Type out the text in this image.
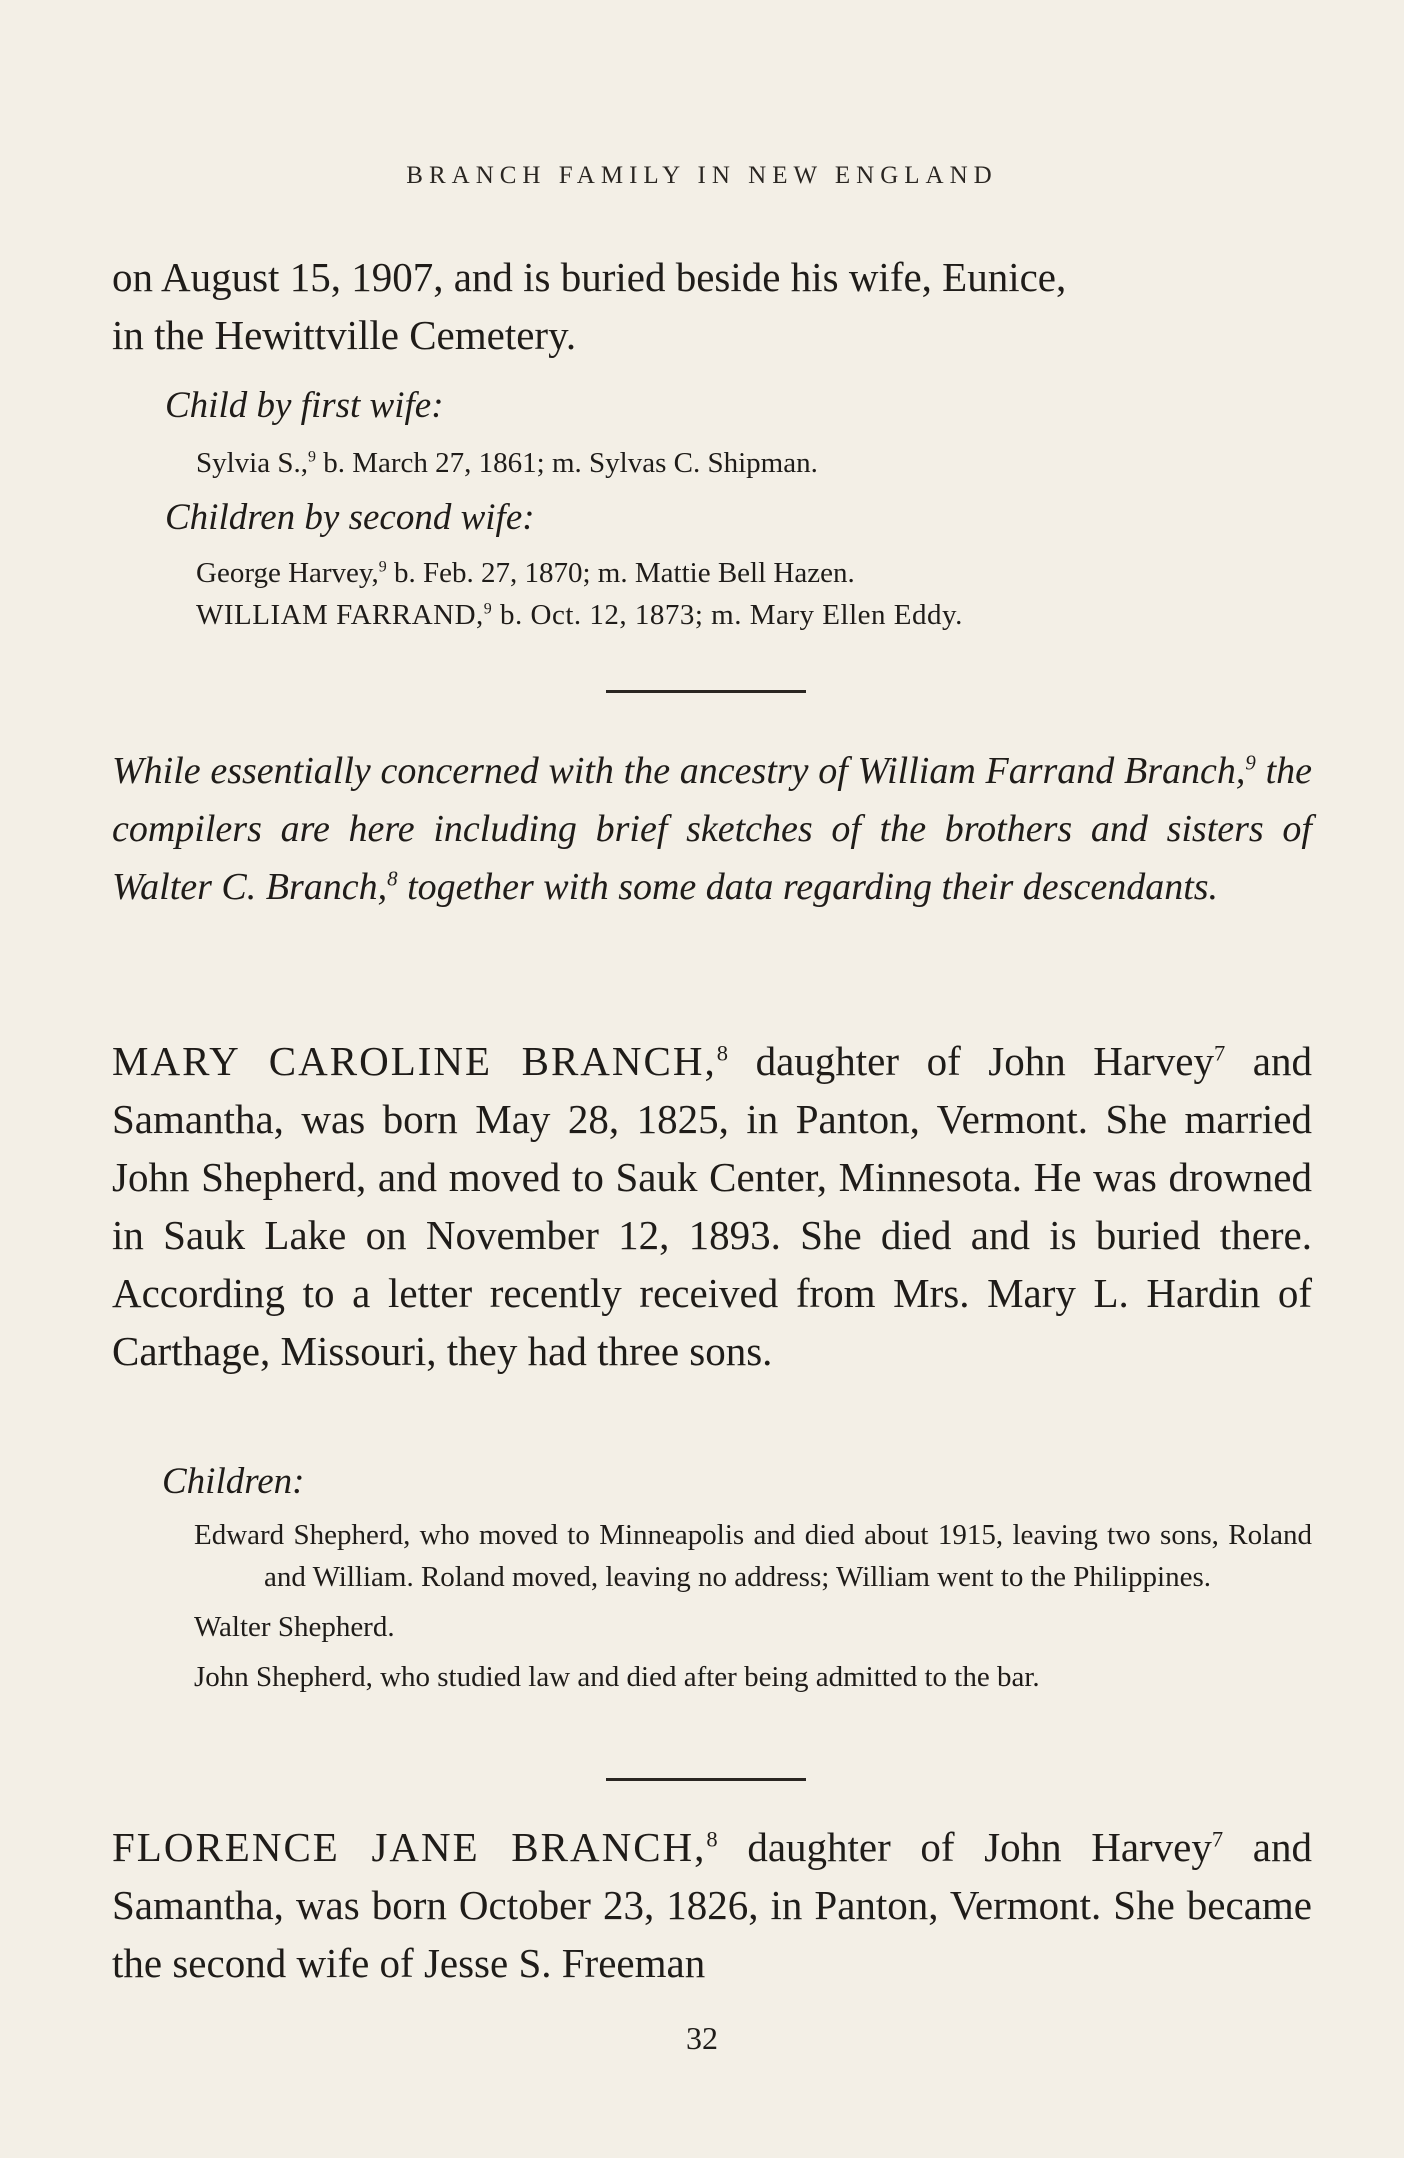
BRANCH FAMILY IN NEW ENGLAND

on August 15, 1907, and is buried beside his wife, Eunice,

in the Hewittville Cemetery.

Child by first wife:
Sylvia S.,$^9$ b. March 27, 1861; m. Sylvas C. Shipman.
Children by second wife:
George Harvey,$^9$ b. Feb. 27, 1870; m. Mattie Bell Hazen.
WILLIAM FARRAND,$^9$ b. Oct. 12, 1873; m. Mary Ellen Eddy.

While essentially concerned with the ancestry of William Farrand Branch,$^9$ the compilers are here including brief sketches of the brothers and sisters of Walter C. Branch,$^8$ together with some data regarding their descendants.

MARY CAROLINE BRANCH,$^8$ daughter of John Harvey$^7$ and Samantha, was born May 28, 1825, in Panton, Vermont. She married John Shepherd, and moved to Sauk Center, Minnesota. He was drowned in Sauk Lake on November 12, 1893. She died and is buried there. According to a letter recently received from Mrs. Mary L. Hardin of Carthage, Missouri, they had three sons.

Children:

Edward Shepherd, who moved to Minneapolis and died about 1915, leaving two sons, Roland and William. Roland moved, leaving no address; William went to the Philippines.

Walter Shepherd.

John Shepherd, who studied law and died after being admitted to the bar.

FLORENCE JANE BRANCH,$^8$ daughter of John Harvey$^7$ and Samantha, was born October 23, 1826, in Panton, Vermont. She became the second wife of Jesse S. Freeman

32
